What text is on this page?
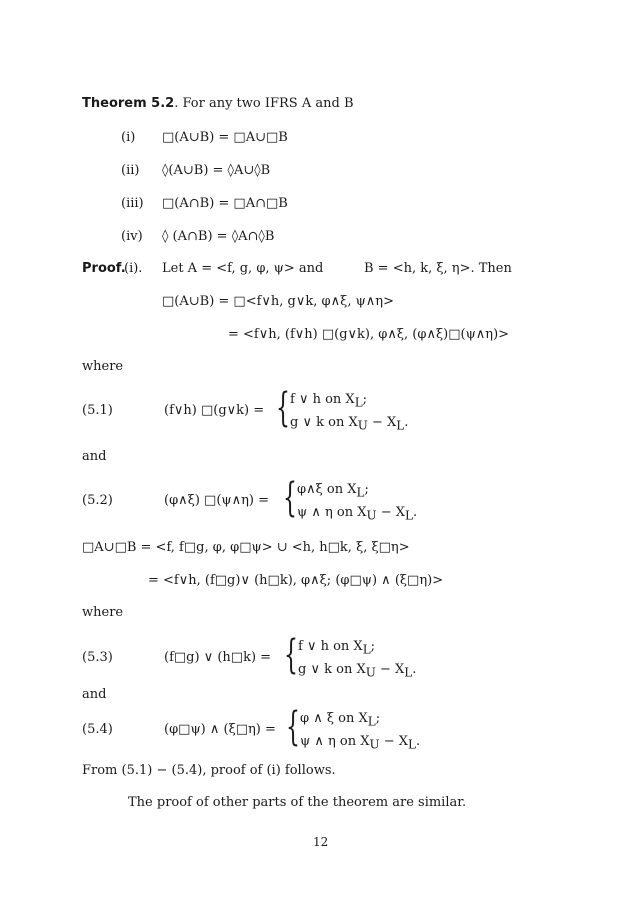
Theorem 5.2. For any two IFRS A and B
(i) □(A∪B) = □A∪□B
(ii) ◊(A∪B) = ◊A∪◊B
(iii) □(A∩B) = □A∩□B
(iv) ◊ (A∩B) = ◊A∩◊B
Proof.
(i). Let A = <f, g, φ, ψ> and	B = <h, k, ξ, η>. Then
□(A∪B) = □<f∨h, g∨k, φ∧ξ, ψ∧η>
= <f∨h, (f∨h) □(g∨k), φ∧ξ, (φ∧ξ)□(ψ∧η)>
where
(5.1)	(f∨h) □(g∨k) = { f ∨ h on $X_L$;
g ∨ k on $X_U - X_L$.
and
(5.2)	(φ∧ξ) □(ψ∧η) = { φ∧ξ on $X_L$;
ψ ∧ η on $X_U - X_L$.
□A∪□B = <f, f□g, φ, φ□ψ> ∪ <h, h□k, ξ, ξ□η>
= <f∨h, (f□g)∨ (h□k), φ∧ξ; (φ□ψ) ∧ (ξ□η)>
where
(5.3)	(f□g) ∨ (h□k) = { f ∨ h on $X_L$;
g ∨ k on $X_U - X_L$.
and
(5.4)	(φ□ψ) ∧ (ξ□η) = { φ ∧ ξ on $X_L$;
ψ ∧ η on $X_U - X_L$.
From (5.1) − (5.4), proof of (i) follows.
The proof of other parts of the theorem are similar.
12
